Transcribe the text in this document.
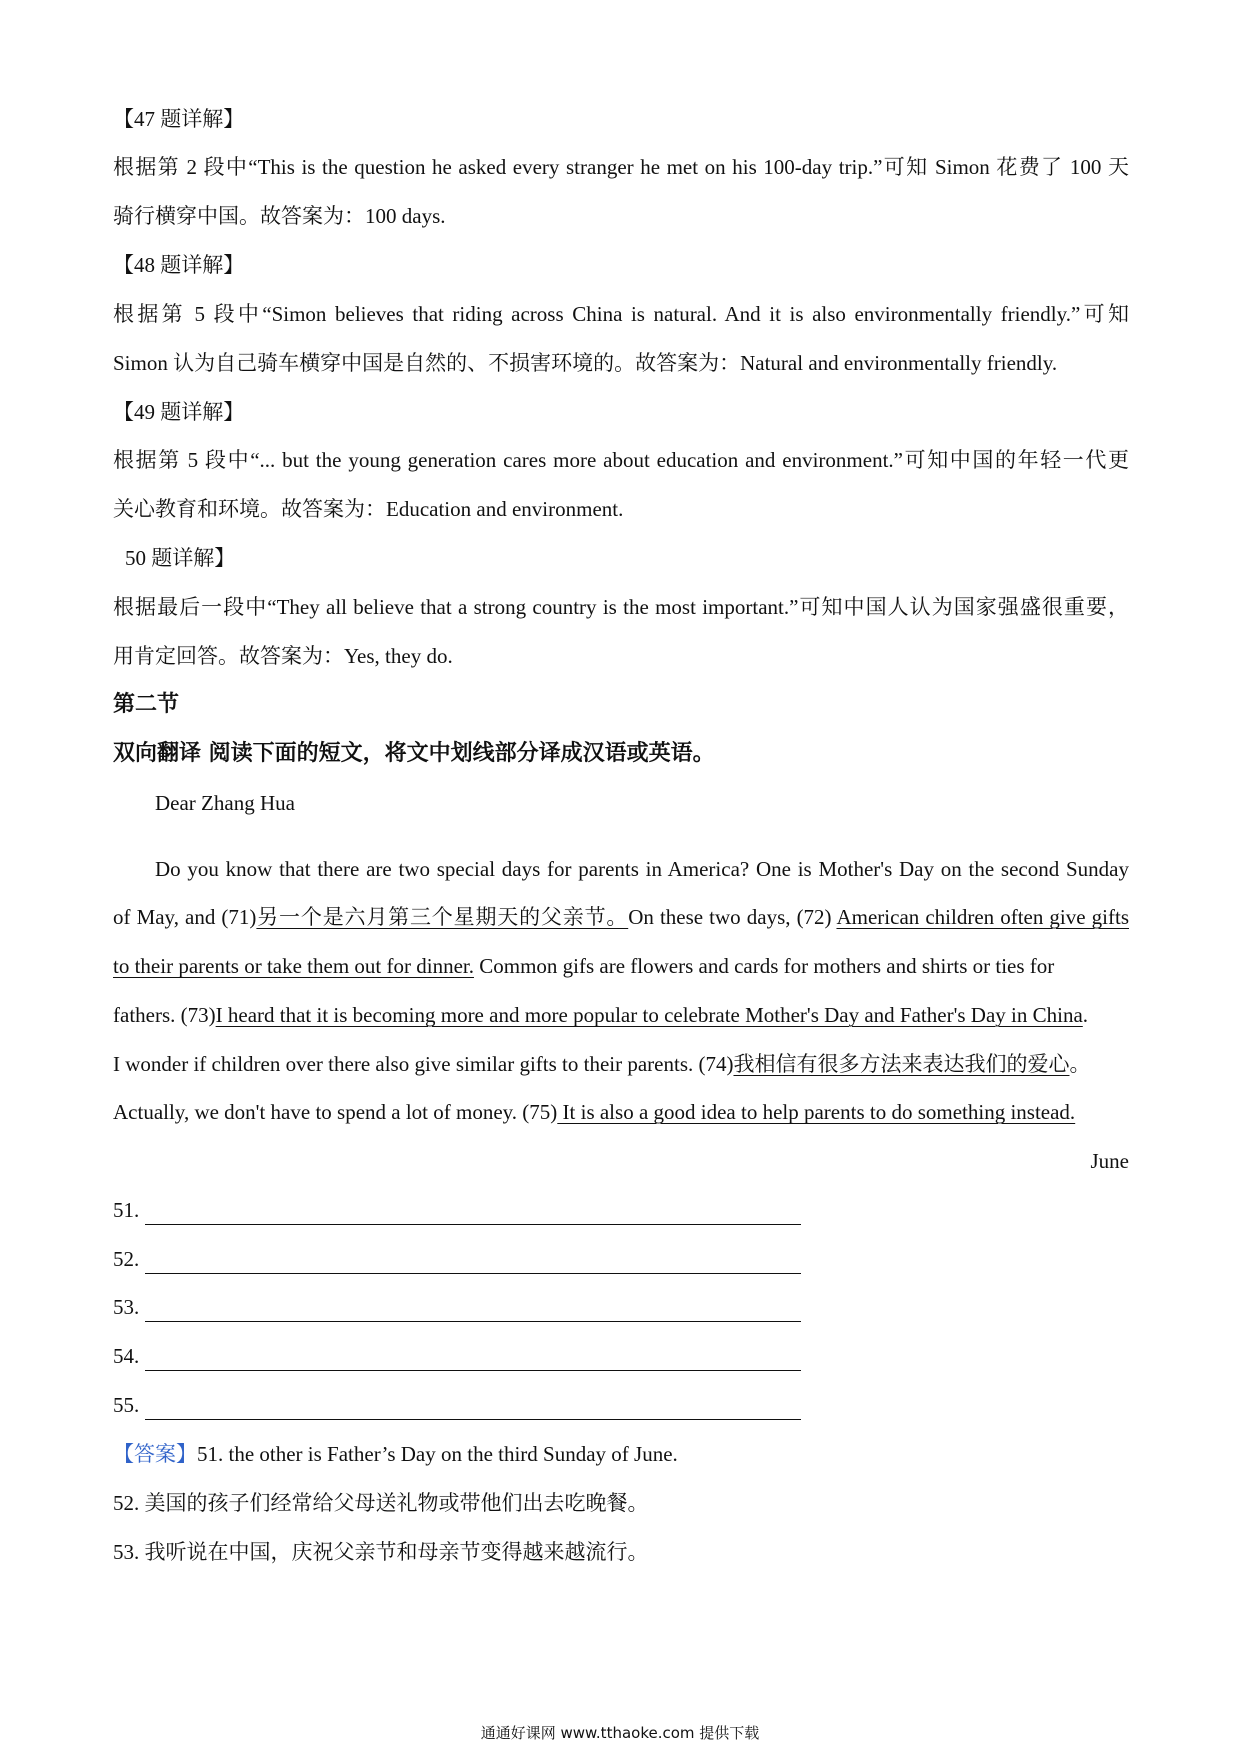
【47 题详解】
根据第 2 段中“This is the question he asked every stranger he met on his 100-day trip.”可知 Simon 花费了 100 天
骑行横穿中国。故答案为：100 days.
【48 题详解】
根据第 5 段中“Simon believes that riding across China is natural. And it is also environmentally friendly.”可知
Simon 认为自己骑车横穿中国是自然的、不损害环境的。故答案为：Natural and environmentally friendly.
【49 题详解】
根据第 5 段中“... but the young generation cares more about education and environment.”可知中国的年轻一代更
关心教育和环境。故答案为：Education and environment.
50 题详解】
根据最后一段中“They all believe that a strong country is the most important.”可知中国人认为国家强盛很重要，
用肯定回答。故答案为：Yes, they do.
第二节
双向翻译 阅读下面的短文，将文中划线部分译成汉语或英语。
Dear Zhang Hua
Do you know that there are two special days for parents in America? One is Mother's Day on the second Sunday
of May, and (71)另一个是六月第三个星期天的父亲节。On these two days, (72) American children often give gifts
to their parents or take them out for dinner. Common gifs are flowers and cards for mothers and shirts or ties for
fathers. (73)I heard that it is becoming more and more popular to celebrate Mother's Day and Father's Day in China.
I wonder if children over there also give similar gifts to their parents. (74)我相信有很多方法来表达我们的爱心。
Actually, we don't have to spend a lot of money. (75) It is also a good idea to help parents to do something instead.
June
51.
52.
53.
54.
55.
【答案】51. the other is Father’s Day on the third Sunday of June.
52. 美国的孩子们经常给父母送礼物或带他们出去吃晚餐。
53. 我听说在中国，庆祝父亲节和母亲节变得越来越流行。
通通好课网 www.tthaoke.com 提供下载
